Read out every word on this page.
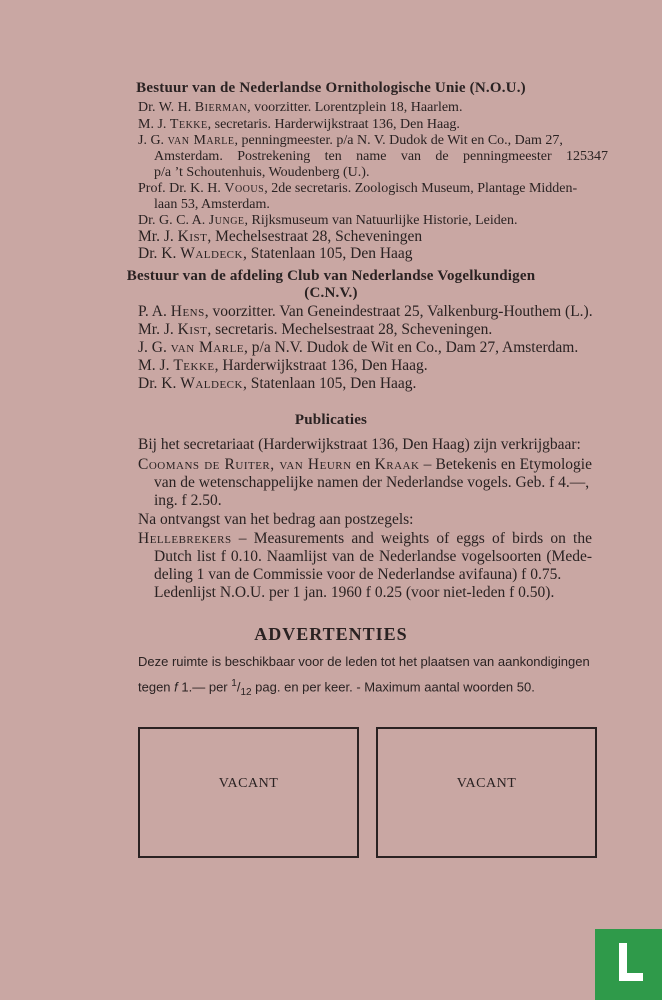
Bestuur van de Nederlandse Ornithologische Unie (N.O.U.)
Dr. W. H. Bierman, voorzitter. Lorentzplein 18, Haarlem.
M. J. Tekke, secretaris. Harderwijkstraat 136, Den Haag.
J. G. van Marle, penningmeester. p/a N. V. Dudok de Wit en Co., Dam 27,
Amsterdam. Postrekening ten name van de penningmeester 125347
p/a ’t Schoutenhuis, Woudenberg (U.).
Prof. Dr. K. H. Voous, 2de secretaris. Zoologisch Museum, Plantage Midden-
laan 53, Amsterdam.
Dr. G. C. A. Junge, Rijksmuseum van Natuurlijke Historie, Leiden.
Mr. J. Kist, Mechelsestraat 28, Scheveningen
Dr. K. Waldeck, Statenlaan 105, Den Haag
Bestuur van de afdeling Club van Nederlandse Vogelkundigen
(C.N.V.)
P. A. Hens, voorzitter. Van Geneindestraat 25, Valkenburg-Houthem (L.).
Mr. J. Kist, secretaris. Mechelsestraat 28, Scheveningen.
J. G. van Marle, p/a N.V. Dudok de Wit en Co., Dam 27, Amsterdam.
M. J. Tekke, Harderwijkstraat 136, Den Haag.
Dr. K. Waldeck, Statenlaan 105, Den Haag.
Publicaties
Bij het secretariaat (Harderwijkstraat 136, Den Haag) zijn verkrijgbaar:
Coomans de Ruiter, van Heurn en Kraak – Betekenis en Etymologie
van de wetenschappelijke namen der Nederlandse vogels. Geb. f 4.—,
ing. f 2.50.
Na ontvangst van het bedrag aan postzegels:
Hellebrekers – Measurements and weights of eggs of birds on the
Dutch list f 0.10. Naamlijst van de Nederlandse vogelsoorten (Mede-
deling 1 van de Commissie voor de Nederlandse avifauna) f 0.75.
Ledenlijst N.O.U. per 1 jan. 1960 f 0.25 (voor niet-leden f 0.50).
ADVERTENTIES
Deze ruimte is beschikbaar voor de leden tot het plaatsen van aankondigingen
tegen f 1.— per $^1/_{12}$ pag. en per keer. - Maximum aantal woorden 50.
VACANT	VACANT
